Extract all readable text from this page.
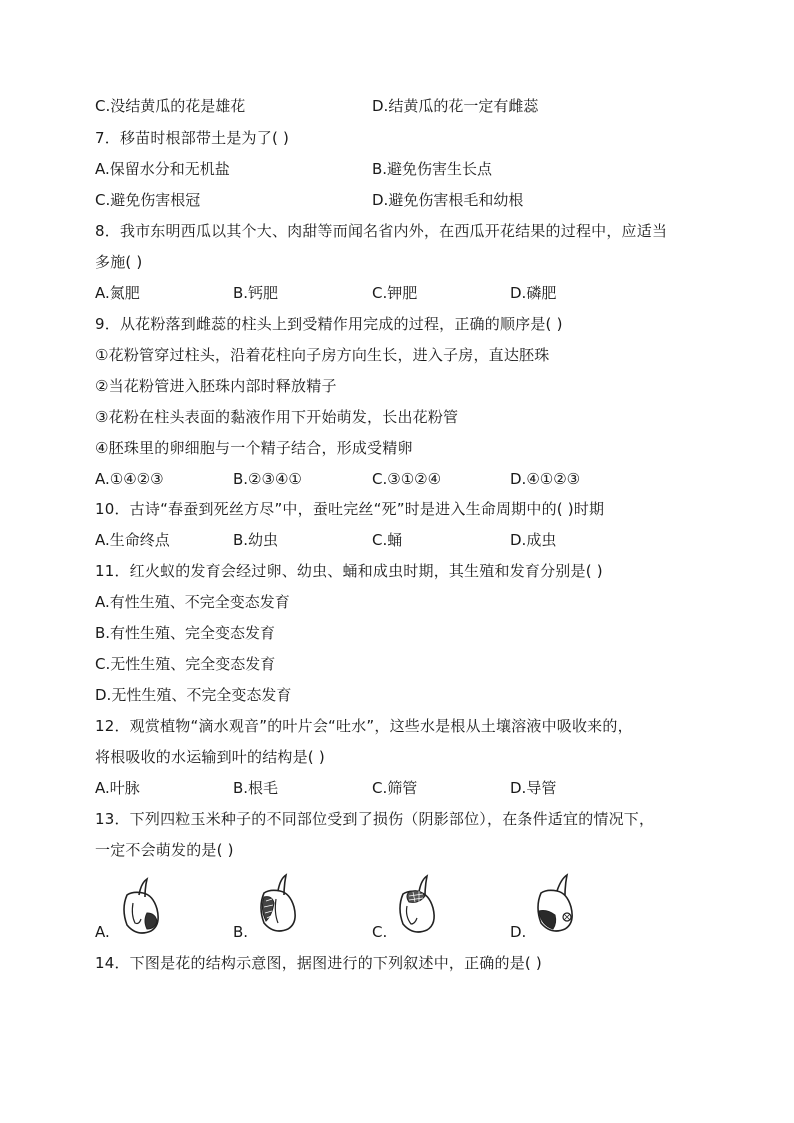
C.没结黄瓜的花是雄花	D.结黄瓜的花一定有雌蕊
7．移苗时根部带土是为了( )
A.保留水分和无机盐	B.避免伤害生长点
C.避免伤害根冠	D.避免伤害根毛和幼根
8．我市东明西瓜以其个大、肉甜等而闻名省内外，在西瓜开花结果的过程中，应适当
多施( )
A.氮肥	B.钙肥	C.钾肥	D.磷肥
9．从花粉落到雌蕊的柱头上到受精作用完成的过程，正确的顺序是( )
①花粉管穿过柱头，沿着花柱向子房方向生长，进入子房，直达胚珠
②当花粉管进入胚珠内部时释放精子
③花粉在柱头表面的黏液作用下开始萌发，长出花粉管
④胚珠里的卵细胞与一个精子结合，形成受精卵
A.①④②③	B.②③④①	C.③①②④	D.④①②③
10．古诗“春蚕到死丝方尽”中，蚕吐完丝“死”时是进入生命周期中的( )时期
A.生命终点	B.幼虫	C.蛹	D.成虫
11．红火蚁的发育会经过卵、幼虫、蛹和成虫时期，其生殖和发育分别是( )
A.有性生殖、不完全变态发育
B.有性生殖、完全变态发育
C.无性生殖、完全变态发育
D.无性生殖、不完全变态发育
12．观赏植物“滴水观音”的叶片会“吐水”，这些水是根从土壤溶液中吸收来的，
将根吸收的水运输到叶的结构是( )
A.叶脉	B.根毛	C.筛管	D.导管
13．下列四粒玉米种子的不同部位受到了损伤（阴影部位），在条件适宜的情况下，
一定不会萌发的是( )
A.	B.	C.	D.
14．下图是花的结构示意图，据图进行的下列叙述中，正确的是( )
